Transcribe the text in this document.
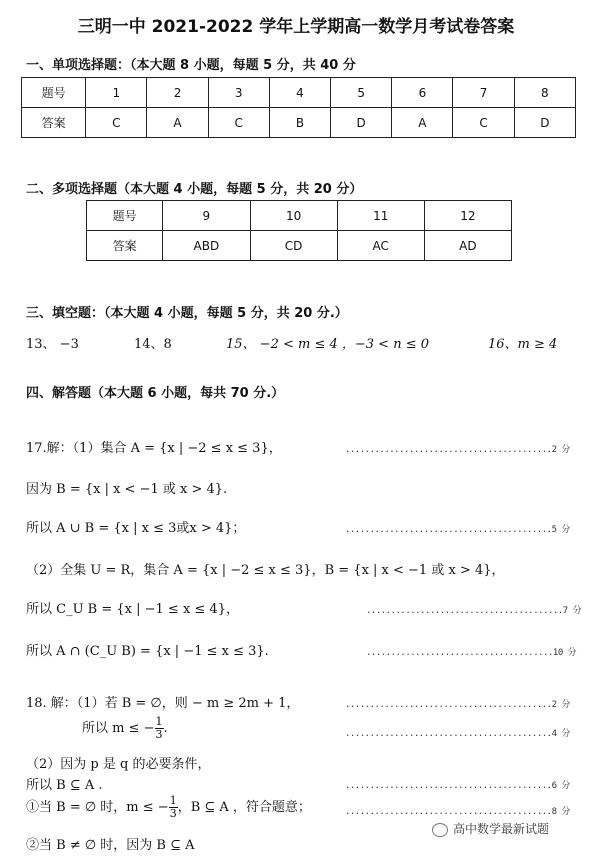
三明一中 2021-2022 学年上学期高一数学月考试卷答案
一、单项选择题：（本大题 8 小题，每题 5 分，共 40 分
题号	1	2	3	4	5	6	7	8
答案	C	A	C	B	D	A	C	D
二、多项选择题（本大题 4 小题，每题 5 分，共 20 分）
题号	9	10	11	12
答案	ABD	CD	AC	AD
三、填空题：（本大题 4 小题，每题 5 分，共 20 分.）
13、 −3	14、8	15、 −2 < m ≤ 4 ，−3 < n ≤ 0	16、m ≥ 4
四、解答题（本大题 6 小题，每共 70 分.）
17.解：（1）集合 A = {x | −2 ≤ x ≤ 3}，	..........................................2 分
因为 B = {x | x < −1 或 x > 4}.
所以 A ∪ B = {x | x ≤ 3或x > 4}；	..........................................5 分
（2）全集 U = R，集合 A = {x | −2 ≤ x ≤ 3}，B = {x | x < −1 或 x > 4}，
所以 C_U B = {x | −1 ≤ x ≤ 4}，	........................................7 分
所以 A ∩ (C_U B) = {x | −1 ≤ x ≤ 3}.	......................................10 分
18. 解：（1）若 B = ∅，则 − m ≥ 2m + 1，	..........................................2 分
所以 m ≤ − $\frac{1}{3}$ .	..........................................4 分
（2）因为 p 是 q 的必要条件，
所以 B ⊆ A .	..........................................6 分
①当 B = ∅ 时，m ≤ − $\frac{1}{3}$ ，B ⊆ A ，符合题意；	..........................................8 分
②当 B ≠ ∅ 时，因为 B ⊆ A
高中数学最新试题
